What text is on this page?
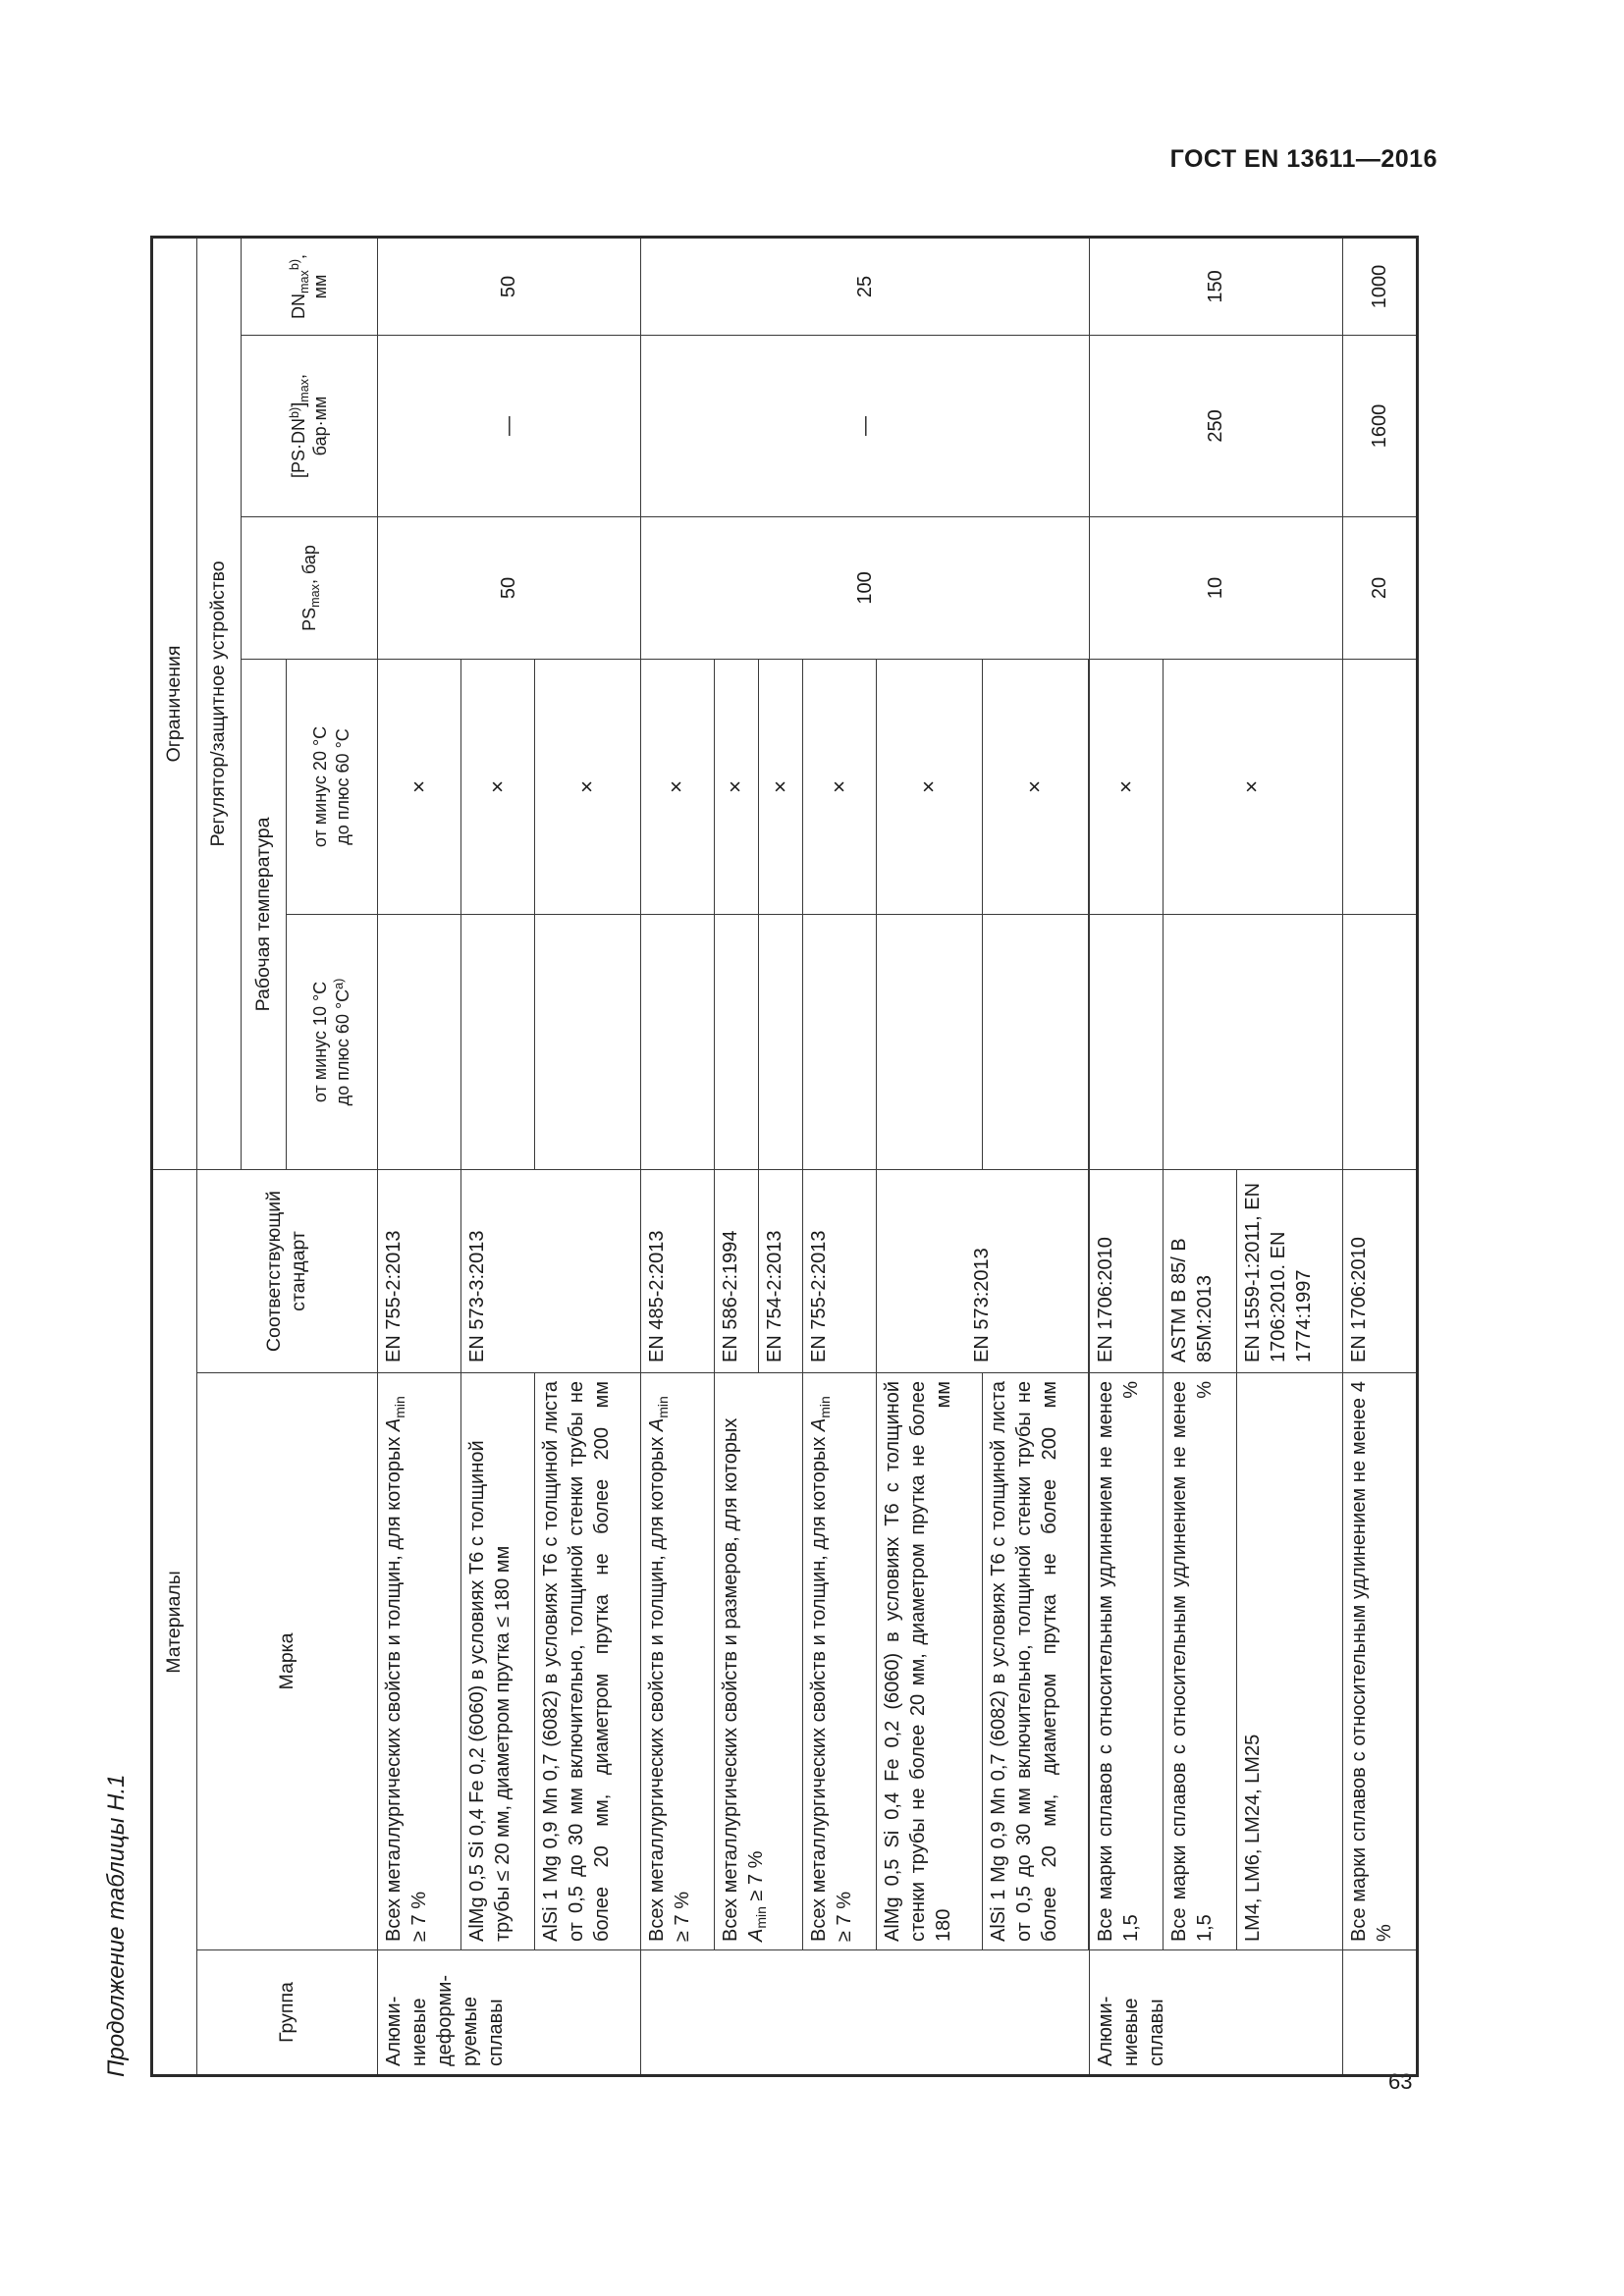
ГОСТ EN 13611—2016
63
Продолжение таблицы Н.1
Материалы			Ограничения				
Группа	Марка	Соответствующий стандарт	Регулятор/защитное устройство				
			Рабочая температура		$PS_{max}$, бар	$[PS\cdot DN^{b)}]_{max}$, бар·мм	$DN_{max}^{b)}$, мм
			от минус 10 °С до плюс 60 $^\circ С^{a)}$	от минус 20 °С до плюс 60 °С			

Алюми-ниевые деформи-руемые сплавы	Всех металлургических свойств и толщин, для которых $A_{min} \ge 7$ %	EN 755-2:2013		×	50	—	50
	AlMg 0,5 Si 0,4 Fe 0,2 (6060) в условиях T6 с толщиной трубы ≤ 20 мм, диаметром прутка ≤ 180 мм	EN 573-3:2013		×			
	AlSi 1 Mg 0,9 Mn 0,7 (6082) в условиях T6 с толщиной листа от 0,5 до 30 мм включительно, толщиной стенки трубы не более 20 мм, диаметром прутка не более 200 мм			×			
	Всех металлургических свойств и толщин, для которых $A_{min} \ge 7$ %	EN 485-2:2013		×	100	—	25
	Всех металлургических свойств и размеров, для которых $A_{min} \ge 7$ %	EN 586-2:1994		×			
		EN 754-2:2013		×			
	Всех металлургических свойств и толщин, для которых $A_{min} \ge 7$ %	EN 755-2:2013		×			
	AlMg 0,5 Si 0,4 Fe 0,2 (6060) в условиях T6 с толщиной стенки трубы не более 20 мм, диаметром прутка не более 180 мм	EN 573:2013		×			
	AlSi 1 Mg 0,9 Mn 0,7 (6082) в условиях T6 с толщиной листа от 0,5 до 30 мм включительно, толщиной стенки трубы не более 20 мм, диаметром прутка не более 200 мм			×			

Алюми-ниевые сплавы	Все марки сплавов с относительным удлинением не менее 1,5 %	EN 1706:2010		×	10	250	150
	Все марки сплавов с относительным удлинением не менее 1,5 %	ASTM B 85/ B 85M:2013		×			
	LM4, LM6, LM24, LM25	EN 1559-1:2011, EN 1706:2010. EN 1774:1997					
	Все марки сплавов с относительным удлинением не менее 4 %	EN 1706:2010			20	1600	1000
